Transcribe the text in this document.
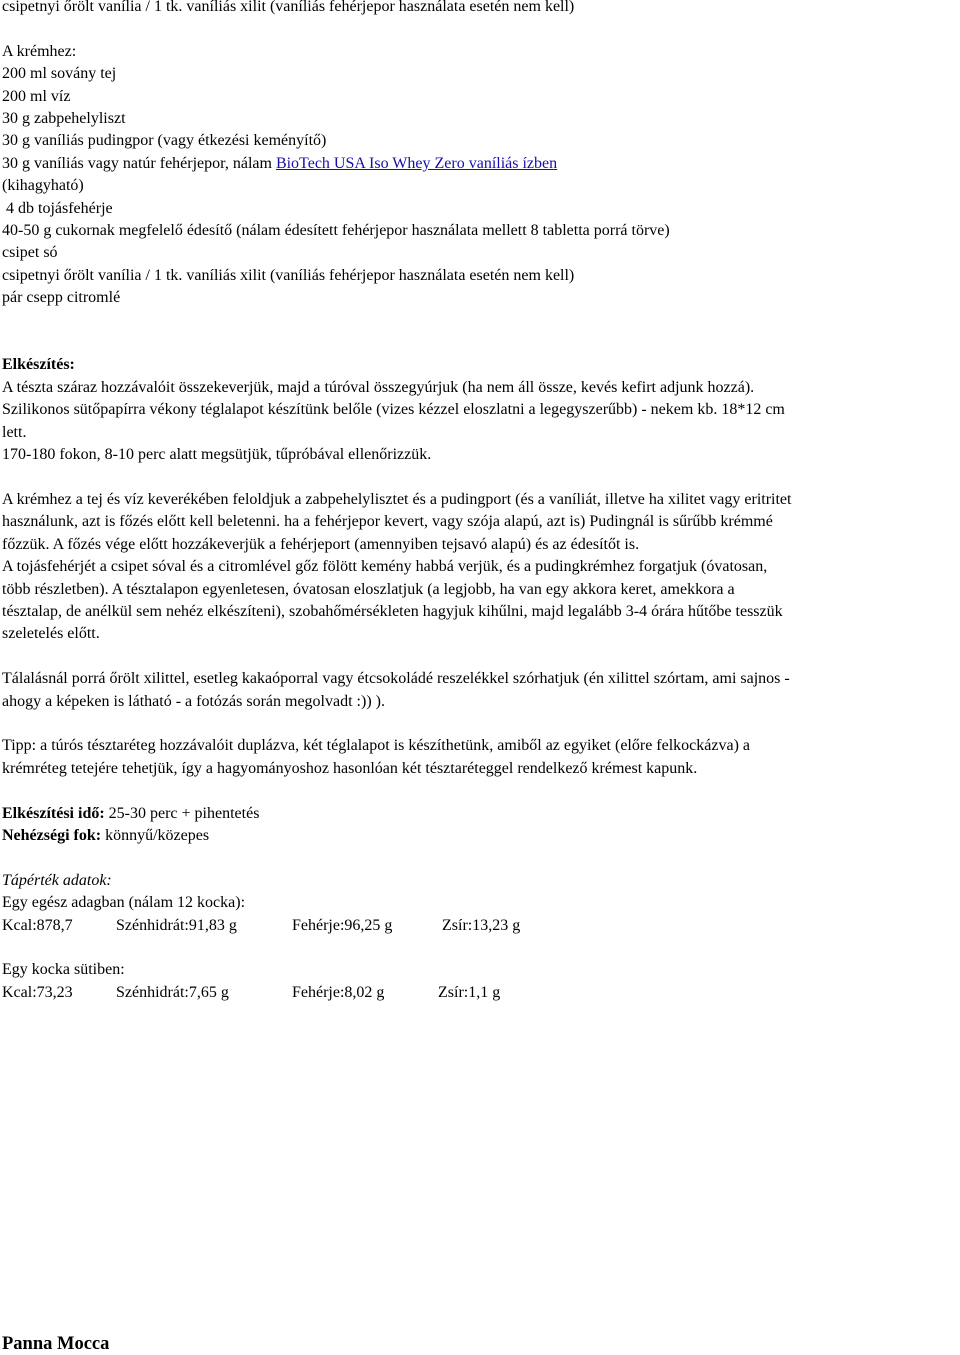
csipetnyi őrölt vanília / 1 tk. vaníliás xilit (vaníliás fehérjepor használata esetén nem kell)
A krémhez:
200 ml sovány tej
200 ml víz
30 g zabpehelyliszt
30 g vaníliás pudingpor (vagy étkezési keményítő)
30 g vaníliás vagy natúr fehérjepor, nálam BioTech USA Iso Whey Zero vaníliás ízben
(kihagyható)
4 db tojásfehérje
40-50 g cukornak megfelelő édesítő (nálam édesített fehérjepor használata mellett 8 tabletta porrá törve)
csipet só
csipetnyi őrölt vanília / 1 tk. vaníliás xilit (vaníliás fehérjepor használata esetén nem kell)
pár csepp citromlé
Elkészítés:
A tészta száraz hozzávalóit összekeverjük, majd a túróval összegyúrjuk (ha nem áll össze, kevés kefirt adjunk hozzá).
Szilikonos sütőpapírra vékony téglalapot készítünk belőle (vizes kézzel eloszlatni a legegyszerűbb) - nekem kb. 18*12 cm
lett.
170-180 fokon, 8-10 perc alatt megsütjük, tűpróbával ellenőrizzük.
A krémhez a tej és víz keverékében feloldjuk a zabpehelylisztet és a pudingport (és a vaníliát, illetve ha xilitet vagy eritritet
használunk, azt is főzés előtt kell beletenni. ha a fehérjepor kevert, vagy szója alapú, azt is) Pudingnál is sűrűbb krémmé
főzzük. A főzés vége előtt hozzákeverjük a fehérjeport (amennyiben tejsavó alapú) és az édesítőt is.
A tojásfehérjét a csipet sóval és a citromlével gőz fölött kemény habbá verjük, és a pudingkrémhez forgatjuk (óvatosan,
több részletben). A tésztalapon egyenletesen, óvatosan eloszlatjuk (a legjobb, ha van egy akkora keret, amekkora a
tésztalap, de anélkül sem nehéz elkészíteni), szobahőmérsékleten hagyjuk kihűlni, majd legalább 3-4 órára hűtőbe tesszük
szeletelés előtt.
Tálalásnál porrá őrölt xilittel, esetleg kakaóporral vagy étcsokoládé reszelékkel szórhatjuk (én xilittel szórtam, ami sajnos -
ahogy a képeken is látható - a fotózás során megolvadt :)) ).
Tipp: a túrós tésztaréteg hozzávalóit duplázva, két téglalapot is készíthetünk, amiből az egyiket (előre felkockázva) a
krémréteg tetejére tehetjük, így a hagyományoshoz hasonlóan két tésztaréteggel rendelkező krémest kapunk.
Elkészítési idő: 25-30 perc + pihentetés
Nehézségi fok: könnyű/közepes
Tápérték adatok:
Egy egész adagban (nálam 12 kocka):
Kcal:878,7	Szénhidrát:91,83 g	Fehérje:96,25 g	Zsír:13,23 g
Egy kocka sütiben:
Kcal:73,23	Szénhidrát:7,65 g	Fehérje:8,02 g	Zsír:1,1 g
Panna Mocca
